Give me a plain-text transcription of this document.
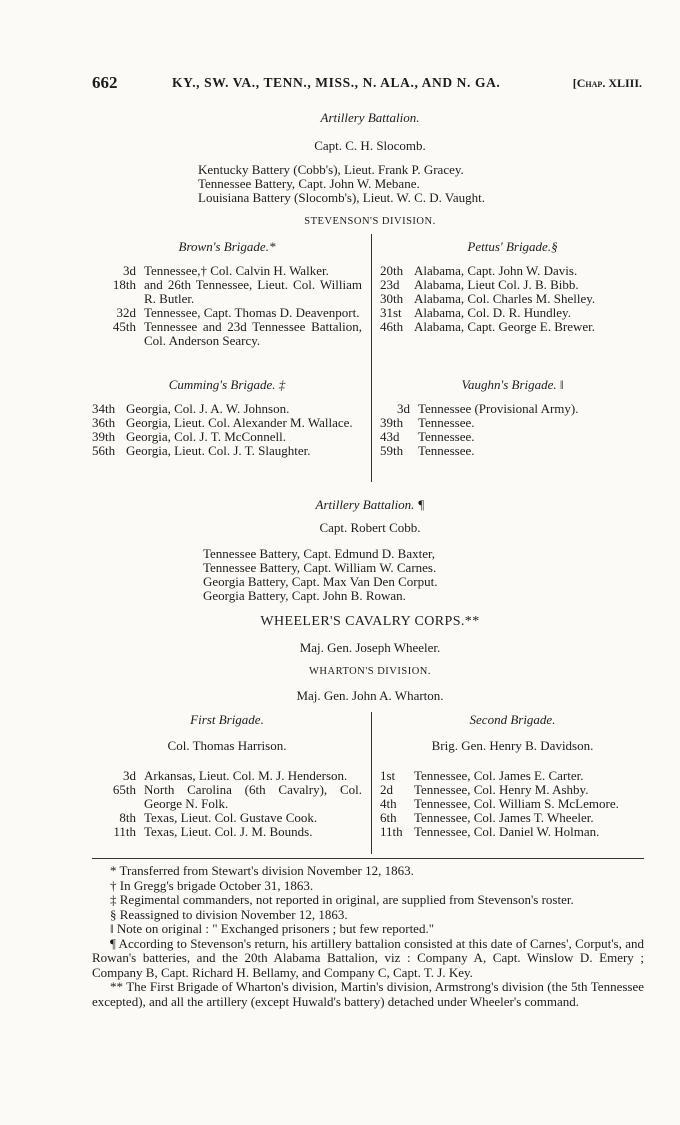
662	KY., SW. VA., TENN., MISS., N. ALA., AND N. GA.	[Chap. XLIII.
Artillery Battalion.
Capt. C. H. Slocomb.
Kentucky Battery (Cobb's), Lieut. Frank P. Gracey.
Tennessee Battery, Capt. John W. Mebane.
Louisiana Battery (Slocomb's), Lieut. W. C. D. Vaught.
STEVENSON'S DIVISION.
Brown's Brigade.*
3d Tennessee,† Col. Calvin H. Walker.
18th and 26th Tennessee, Lieut. Col. William R. Butler.
32d Tennessee, Capt. Thomas D. Deavenport.
45th Tennessee and 23d Tennessee Battalion, Col. Anderson Searcy.
Pettus' Brigade.§
20th Alabama, Capt. John W. Davis.
23d Alabama, Lieut Col. J. B. Bibb.
30th Alabama, Col. Charles M. Shelley.
31st Alabama, Col. D. R. Hundley.
46th Alabama, Capt. George E. Brewer.
Cumming's Brigade. ‡
34th Georgia, Col. J. A. W. Johnson.
36th Georgia, Lieut. Col. Alexander M. Wallace.
39th Georgia, Col. J. T. McConnell.
56th Georgia, Lieut. Col. J. T. Slaughter.
Vaughn's Brigade. ‖
3d Tennessee (Provisional Army).
39th Tennessee.
43d Tennessee.
59th Tennessee.
Artillery Battalion. ¶
Capt. Robert Cobb.
Tennessee Battery, Capt. Edmund D. Baxter,
Tennessee Battery, Capt. William W. Carnes.
Georgia Battery, Capt. Max Van Den Corput.
Georgia Battery, Capt. John B. Rowan.
WHEELER'S CAVALRY CORPS.**
Maj. Gen. Joseph Wheeler.
WHARTON'S DIVISION.
Maj. Gen. John A. Wharton.
First Brigade.
Col. Thomas Harrison.
3d Arkansas, Lieut. Col. M. J. Henderson.
65th North Carolina (6th Cavalry), Col. George N. Folk.
8th Texas, Lieut. Col. Gustave Cook.
11th Texas, Lieut. Col. J. M. Bounds.
Second Brigade.
Brig. Gen. Henry B. Davidson.
1st Tennessee, Col. James E. Carter.
2d Tennessee, Col. Henry M. Ashby.
4th Tennessee, Col. William S. McLemore.
6th Tennessee, Col. James T. Wheeler.
11th Tennessee, Col. Daniel W. Holman.
* Transferred from Stewart's division November 12, 1863.
† In Gregg's brigade October 31, 1863.
‡ Regimental commanders, not reported in original, are supplied from Stevenson's roster.
§ Reassigned to division November 12, 1863.
‖ Note on original : " Exchanged prisoners ; but few reported."
¶ According to Stevenson's return, his artillery battalion consisted at this date of Carnes', Corput's, and Rowan's batteries, and the 20th Alabama Battalion, viz : Company A, Capt. Winslow D. Emery ; Company B, Capt. Richard H. Bellamy, and Company C, Capt. T. J. Key.
** The First Brigade of Wharton's division, Martin's division, Armstrong's division (the 5th Tennessee excepted), and all the artillery (except Huwald's battery) detached under Wheeler's command.
